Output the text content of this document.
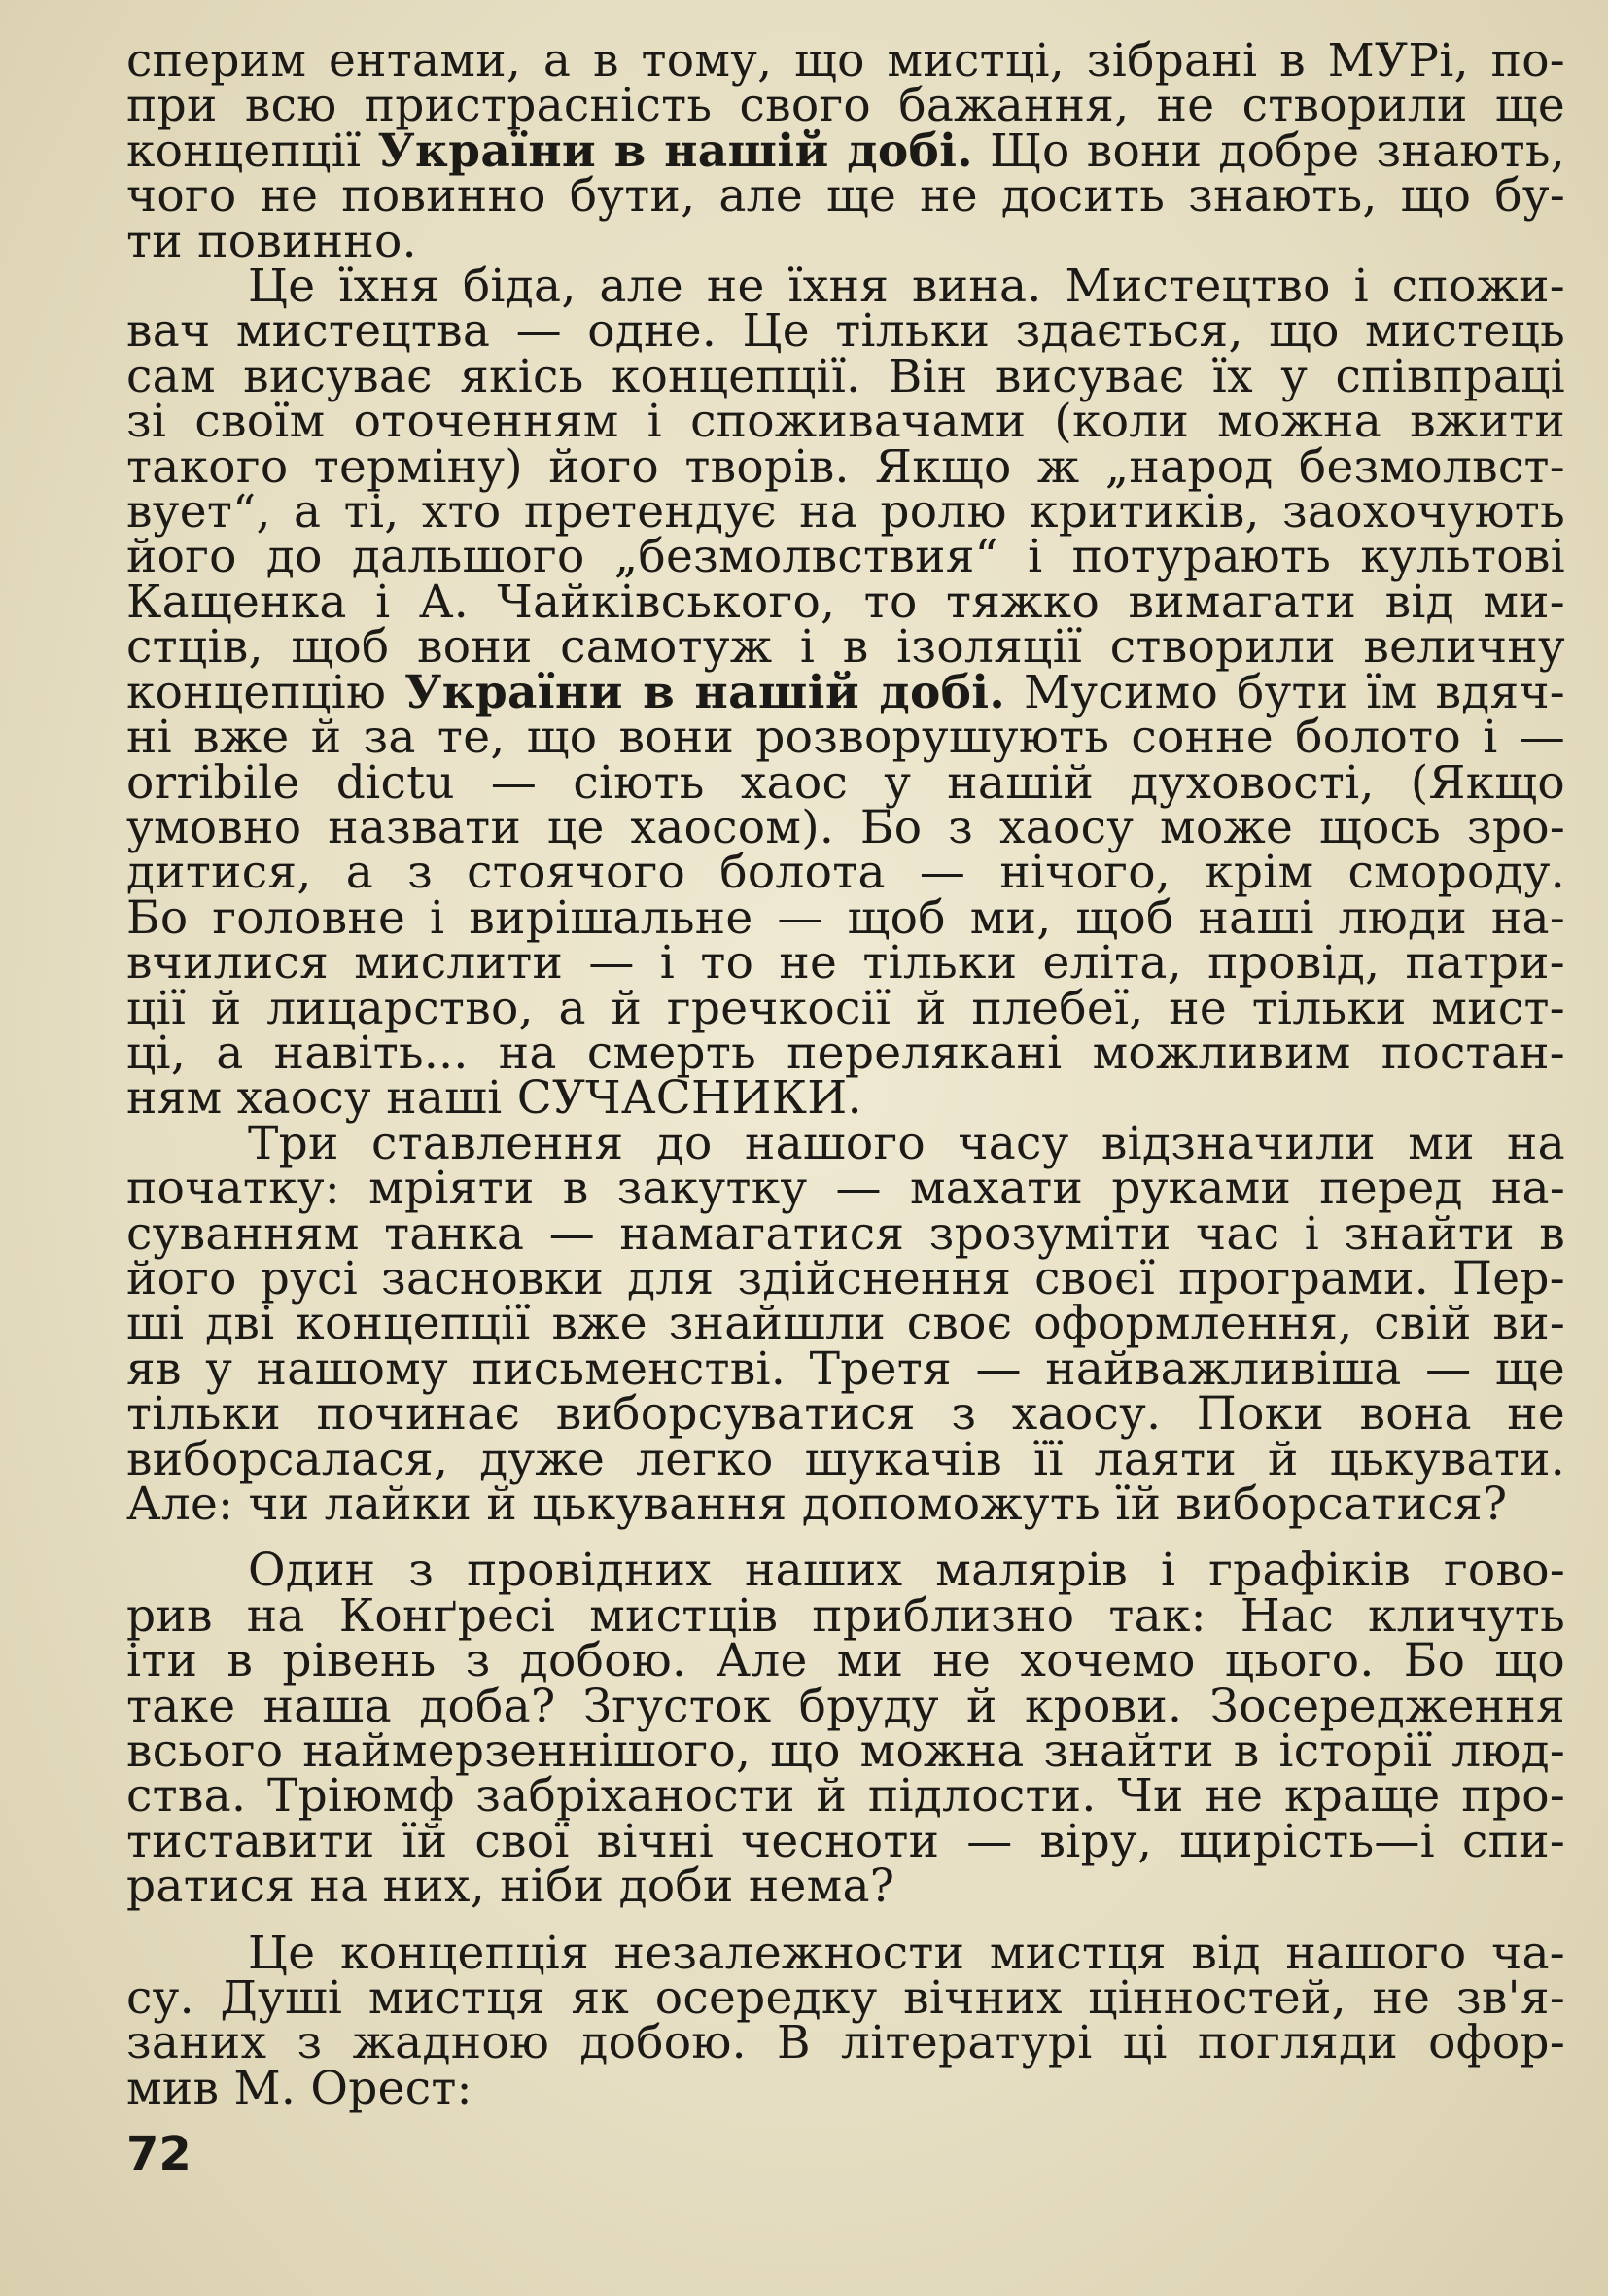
сперим ентами, а в тому, що мистці, зібрані в МУРі, по-
при всю пристрасність свого бажання, не створили ще
концепції України в нашій добі. Що вони добре знають,
чого не повинно бути, але ще не досить знають, що бу-
ти повинно.
Це їхня біда, але не їхня вина. Мистецтво і спожи-
вач мистецтва — одне. Це тільки здається, що мистець
сам висуває якісь концепції. Він висуває їх у співпраці
зі своїм оточенням і споживачами (коли можна вжити
такого терміну) його творів. Якщо ж „народ безмолвст-
вует“, а ті, хто претендує на ролю критиків, заохочують
його до дальшого „безмолвствия“ і потурають культові
Кащенка і А. Чайківського, то тяжко вимагати від ми-
стців, щоб вони самотуж і в ізоляції створили величну
концепцію України в нашій добі. Мусимо бути їм вдяч-
ні вже й за те, що вони розворушують сонне болото і —
orribile dictu — сіють хаос у нашій духовості, (Якщо
умовно назвати це хаосом). Бо з хаосу може щось зро-
дитися, а з стоячого болота — нічого, крім смороду.
Бо головне і вирішальне — щоб ми, щоб наші люди на-
вчилися мислити — і то не тільки еліта, провід, патри-
ції й лицарство, а й гречкосії й плебеї, не тільки мист-
ці, а навіть... на смерть перелякані можливим постан-
ням хаосу наші СУЧАСНИКИ.
Три ставлення до нашого часу відзначили ми на
початку: мріяти в закутку — махати руками перед на-
суванням танка — намагатися зрозуміти час і знайти в
його русі засновки для здійснення своєї програми. Пер-
ші дві концепції вже знайшли своє оформлення, свій ви-
яв у нашому письменстві. Третя — найважливіша — ще
тільки починає виборсуватися з хаосу. Поки вона не
виборсалася, дуже легко шукачів її лаяти й цькувати.
Але: чи лайки й цькування допоможуть їй виборсатися?
Один з провідних наших малярів і графіків гово-
рив на Конґресі мистців приблизно так: Нас кличуть
іти в рівень з добою. Але ми не хочемо цього. Бо що
таке наша доба? Згусток бруду й крови. Зосередження
всього наймерзеннішого, що можна знайти в історії люд-
ства. Тріюмф забріханости й підлости. Чи не краще про-
тиставити їй свої вічні чесноти — віру, щирість—і спи-
ратися на них, ніби доби нема?
Це концепція незалежности мистця від нашого ча-
су. Душі мистця як осередку вічних цінностей, не зв'я-
заних з жадною добою. В літературі ці погляди офор-
мив М. Орест:
72
